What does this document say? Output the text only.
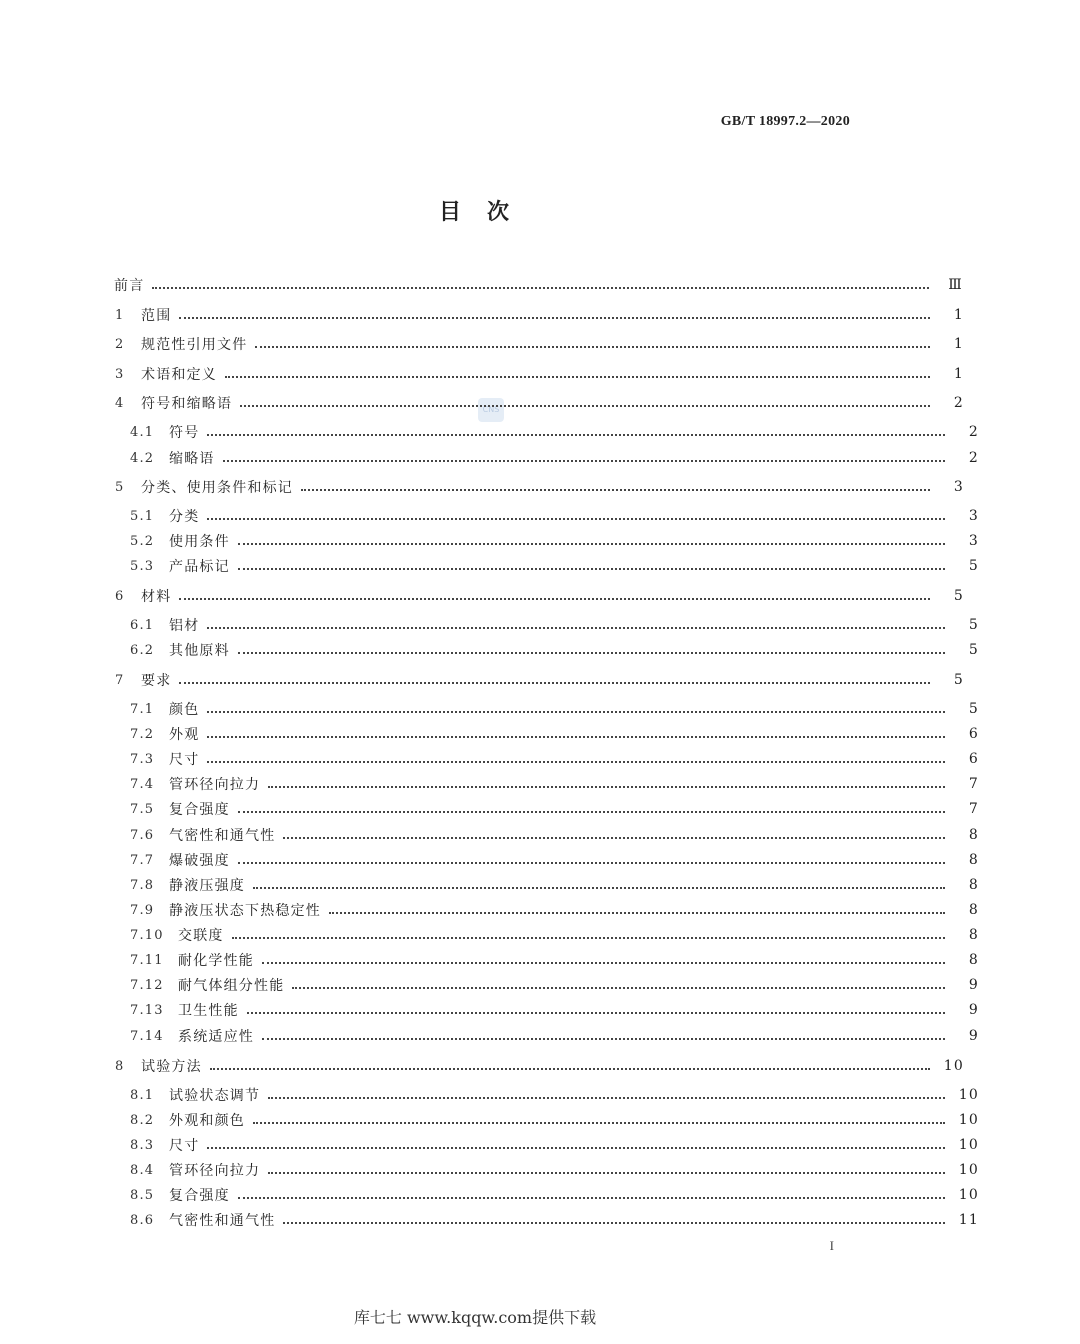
GB/T 18997.2—2020
目　次
CNS
前言	Ⅲ
1	范围	1
2	规范性引用文件	1
3	术语和定义	1
4	符号和缩略语	2
4.1	符号	2
4.2	缩略语	2
5	分类、使用条件和标记	3
5.1	分类	3
5.2	使用条件	3
5.3	产品标记	5
6	材料	5
6.1	铝材	5
6.2	其他原料	5
7	要求	5
7.1	颜色	5
7.2	外观	6
7.3	尺寸	6
7.4	管环径向拉力	7
7.5	复合强度	7
7.6	气密性和通气性	8
7.7	爆破强度	8
7.8	静液压强度	8
7.9	静液压状态下热稳定性	8
7.10	交联度	8
7.11	耐化学性能	8
7.12	耐气体组分性能	9
7.13	卫生性能	9
7.14	系统适应性	9
8	试验方法	10
8.1	试验状态调节	10
8.2	外观和颜色	10
8.3	尺寸	10
8.4	管环径向拉力	10
8.5	复合强度	10
8.6	气密性和通气性	11
I
库七七 www.kqqw.com提供下载
